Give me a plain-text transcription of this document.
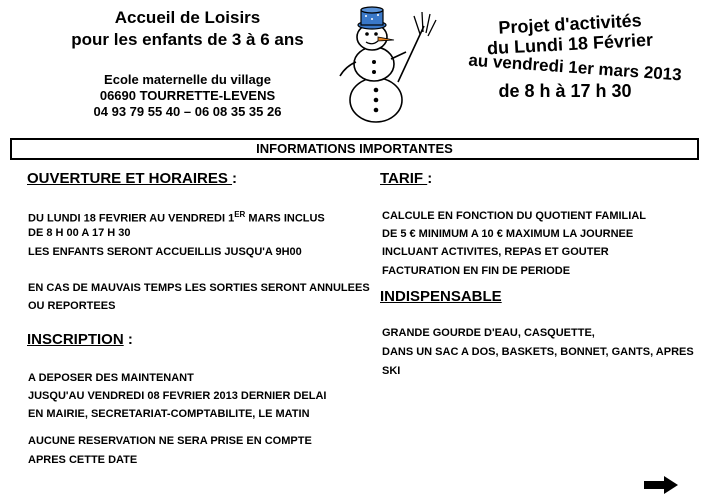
Accueil de Loisirs
pour les enfants de 3 à 6 ans
Ecole maternelle du village
06690 TOURRETTE-LEVENS
04 93 79 55 40 – 06 08 35 35 26
Projet d'activités
du Lundi 18 Février
au vendredi 1er mars 2013
de 8 h à 17 h 30
INFORMATIONS IMPORTANTES
OUVERTURE ET HORAIRES :
DU LUNDI 18 FEVRIER AU VENDREDI 1ER MARS INCLUS
DE 8 H 00 A 17 H 30
LES ENFANTS SERONT ACCUEILLIS JUSQU'A 9H00
EN CAS DE MAUVAIS TEMPS LES SORTIES SERONT ANNULEES
OU REPORTEES
INSCRIPTION :
A DEPOSER DES MAINTENANT
JUSQU'AU VENDREDI 08 FEVRIER 2013 DERNIER DELAI
EN MAIRIE, SECRETARIAT-COMPTABILITE, LE MATIN
AUCUNE RESERVATION NE SERA PRISE EN COMPTE
APRES CETTE DATE
TARIF :
CALCULE EN FONCTION DU QUOTIENT FAMILIAL
DE 5 € MINIMUM A 10 € MAXIMUM LA JOURNEE
INCLUANT ACTIVITES, REPAS ET GOUTER
FACTURATION EN FIN DE PERIODE
INDISPENSABLE
GRANDE GOURDE D'EAU, CASQUETTE,
DANS UN SAC A DOS, BASKETS, BONNET, GANTS, APRES
SKI
